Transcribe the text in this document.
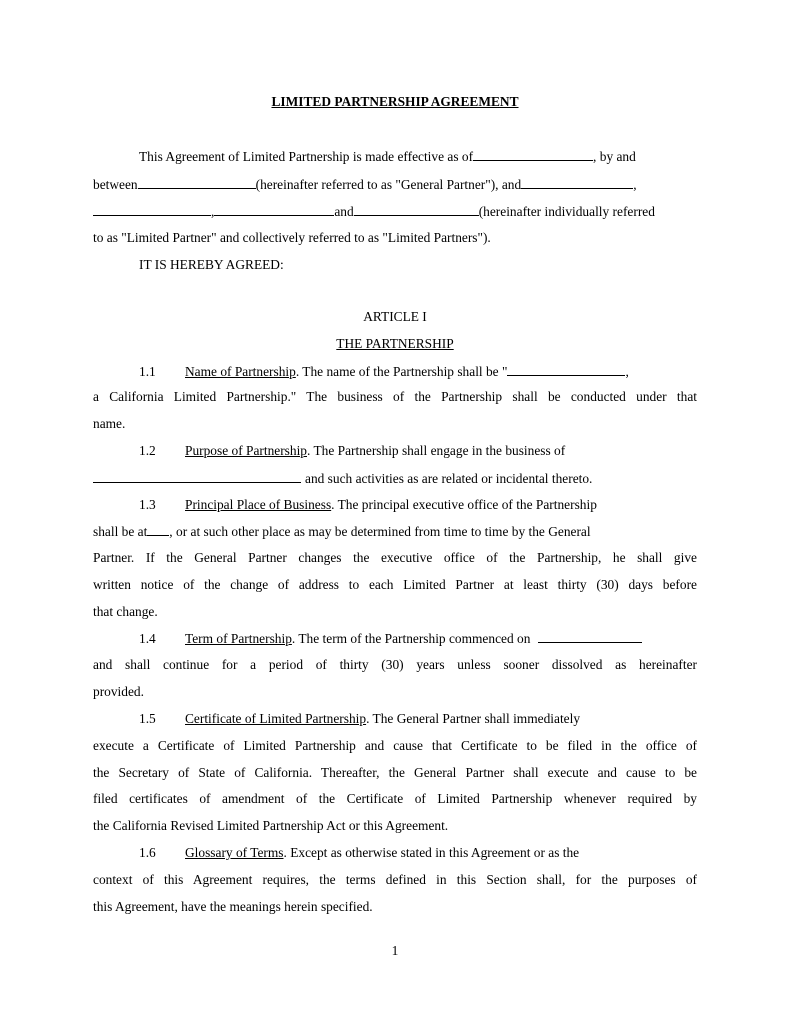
LIMITED PARTNERSHIP AGREEMENT
This Agreement of Limited Partnership is made effective as of	, by and
between	(hereinafter referred to as "General Partner"), and	,
,	and	(hereinafter individually referred
to as "Limited Partner" and collectively referred to as "Limited Partners").
IT IS HEREBY AGREED:
ARTICLE I
THE PARTNERSHIP
1.1 Name of Partnership. The name of the Partnership shall be "	,
a California Limited Partnership." The business of the Partnership shall be conducted under that
name.
1.2 Purpose of Partnership. The Partnership shall engage in the business of
and such activities as are related or incidental thereto.
1.3 Principal Place of Business. The principal executive office of the Partnership
shall be at , or at such other place as may be determined from time to time by the General
Partner. If the General Partner changes the executive office of the Partnership, he shall give
written notice of the change of address to each Limited Partner at least thirty (30) days before
that change.
1.4 Term of Partnership. The term of the Partnership commenced on
and shall continue for a period of thirty (30) years unless sooner dissolved as hereinafter
provided.
1.5 Certificate of Limited Partnership. The General Partner shall immediately
execute a Certificate of Limited Partnership and cause that Certificate to be filed in the office of
the Secretary of State of California. Thereafter, the General Partner shall execute and cause to be
filed certificates of amendment of the Certificate of Limited Partnership whenever required by
the California Revised Limited Partnership Act or this Agreement.
1.6 Glossary of Terms. Except as otherwise stated in this Agreement or as the
context of this Agreement requires, the terms defined in this Section shall, for the purposes of
this Agreement, have the meanings herein specified.
1
